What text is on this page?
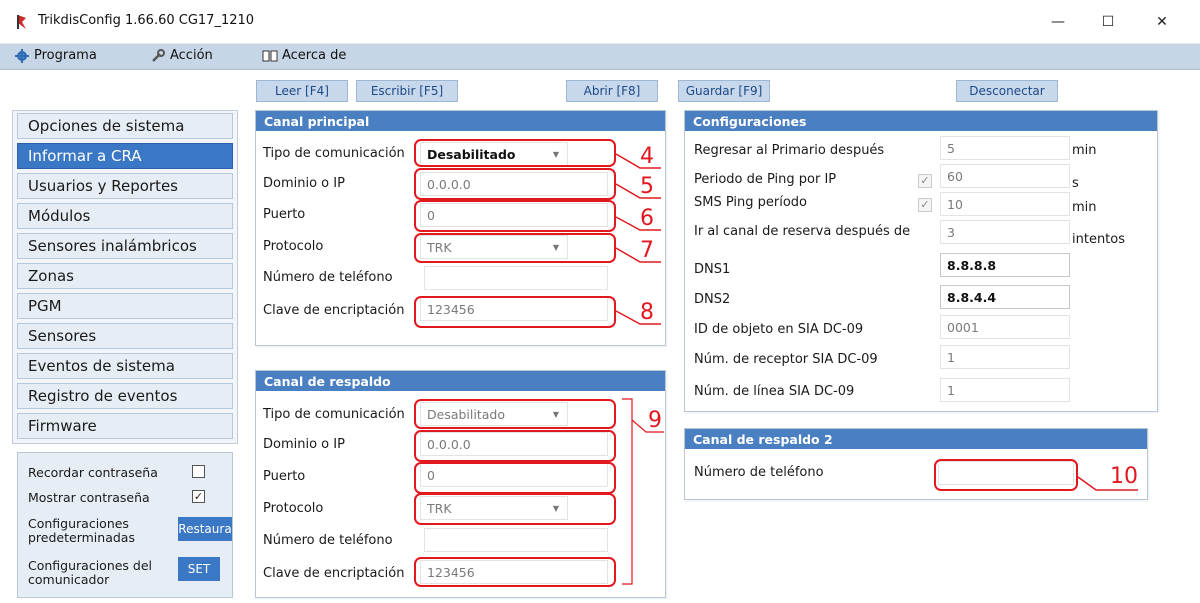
TrikdisConfig 1.66.60 CG17_1210	—	☐	✕
Programa	Acción	Acerca de
Leer [F4]	Escribir [F5]	Abrir [F8]	Guardar [F9]	Desconectar
Opciones de sistema
Informar a CRA
Usuarios y Reportes
Módulos
Sensores inalámbricos
Zonas
PGM
Sensores
Eventos de sistema
Registro de eventos
Firmware
Recordar contraseña
Mostrar contraseña	✓
Configuraciones predeterminadas
Restaura
Configuraciones del comunicador
SET
Canal principal
Tipo de comunicación Desabilitado	▼
Dominio o IP	0.0.0.0
Puerto	0
Protocolo	TRK	▼
Número de teléfono
Clave de encriptación	123456
Canal de respaldo
Tipo de comunicación Desabilitado	▼
Dominio o IP	0.0.0.0
Puerto	0
Protocolo	TRK	▼
Número de teléfono
Clave de encriptación	123456
Configuraciones
Regresar al Primario después	5	min
Periodo de Ping por IP	✓	60	s
SMS Ping período	✓	10	min
Ir al canal de reserva después de	3	intentos
DNS1	8.8.8.8
DNS2	8.8.4.4
ID de objeto en SIA DC-09	0001
Núm. de receptor SIA DC-09	1
Núm. de línea SIA DC-09	1
Canal de respaldo 2
Número de teléfono
4
5
6
7
8
9
10
